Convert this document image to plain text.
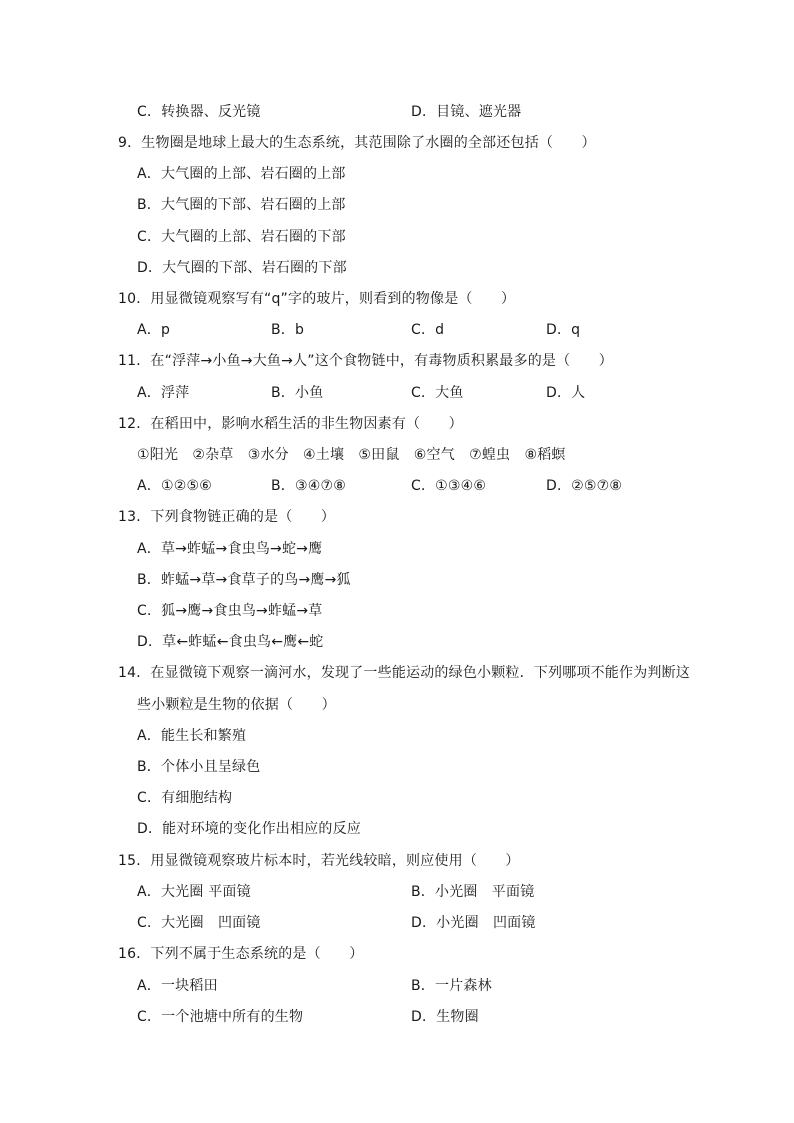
C．转换器、反光镜	D．目镜、遮光器
9．生物圈是地球上最大的生态系统，其范围除了水圈的全部还包括（　　）
A．大气圈的上部、岩石圈的上部
B．大气圈的下部、岩石圈的上部
C．大气圈的上部、岩石圈的下部
D．大气圈的下部、岩石圈的下部
10．用显微镜观察写有“q”字的玻片，则看到的物像是（　　）
A．p	B．b	C．d	D．q
11．在“浮萍→小鱼→大鱼→人”这个食物链中，有毒物质积累最多的是（　　）
A．浮萍	B．小鱼	C．大鱼	D．人
12．在稻田中，影响水稻生活的非生物因素有（　　）
①阳光　②杂草　③水分　④土壤　⑤田鼠　⑥空气　⑦蝗虫　⑧稻螟
A．①②⑤⑥	B．③④⑦⑧	C．①③④⑥	D．②⑤⑦⑧
13．下列食物链正确的是（　　）
A．草→蚱蜢→食虫鸟→蛇→鹰
B．蚱蜢→草→食草子的鸟→鹰→狐
C．狐→鹰→食虫鸟→蚱蜢→草
D．草←蚱蜢←食虫鸟←鹰←蛇
14．在显微镜下观察一滴河水，发现了一些能运动的绿色小颗粒．下列哪项不能作为判断这
些小颗粒是生物的依据（　　）
A．能生长和繁殖
B．个体小且呈绿色
C．有细胞结构
D．能对环境的变化作出相应的反应
15．用显微镜观察玻片标本时，若光线较暗，则应使用（　　）
A．大光圈 平面镜	B．小光圈　平面镜
C．大光圈　凹面镜	D．小光圈　凹面镜
16．下列不属于生态系统的是（　　）
A．一块稻田	B．一片森林
C．一个池塘中所有的生物	D．生物圈
